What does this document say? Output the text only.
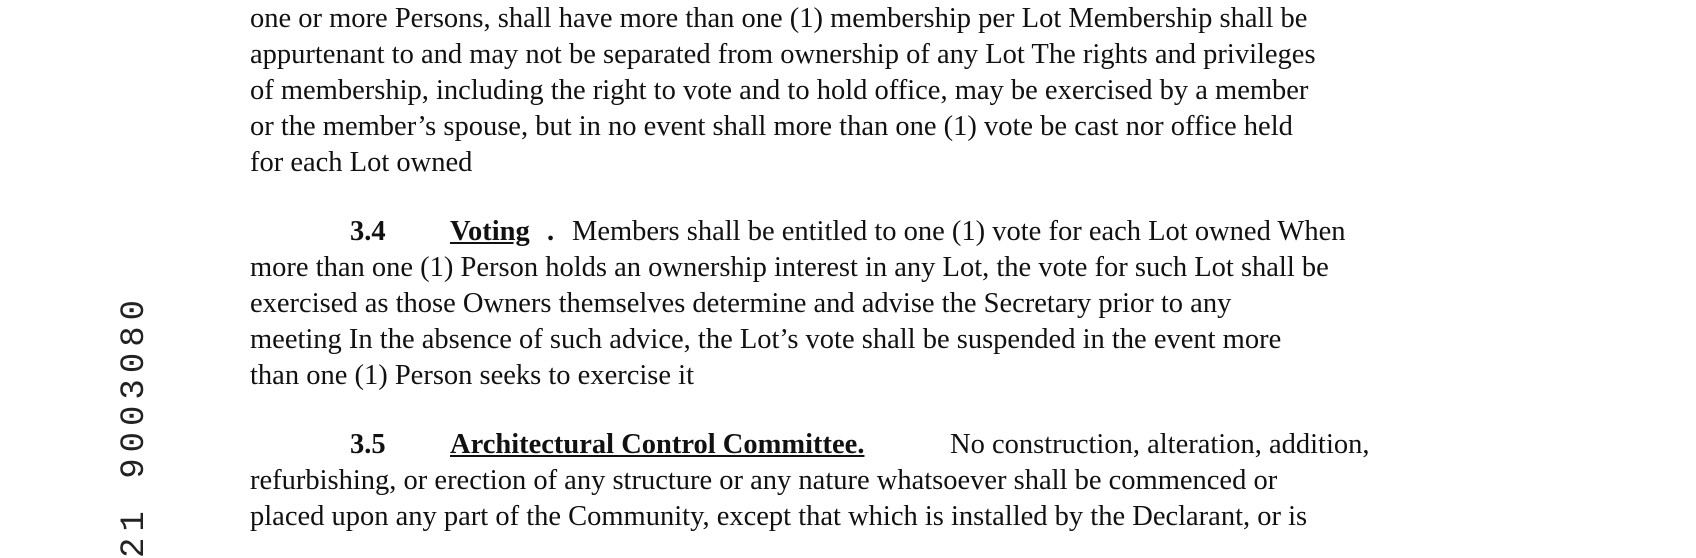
21 9003080
one or more Persons, shall have more than one (1) membership per Lot Membership shall be
appurtenant to and may not be separated from ownership of any Lot The rights and privileges
of membership, including the right to vote and to hold office, may be exercised by a member
or the member’s spouse, but in no event shall more than one (1) vote be cast nor office held
for each Lot owned
3.4 Voting . Members shall be entitled to one (1) vote for each Lot owned When
more than one (1) Person holds an ownership interest in any Lot, the vote for such Lot shall be
exercised as those Owners themselves determine and advise the Secretary prior to any
meeting In the absence of such advice, the Lot’s vote shall be suspended in the event more
than one (1) Person seeks to exercise it
3.5 Architectural Control Committee.	No construction, alteration, addition,
refurbishing, or erection of any structure or any nature whatsoever shall be commenced or
placed upon any part of the Community, except that which is installed by the Declarant, or is
